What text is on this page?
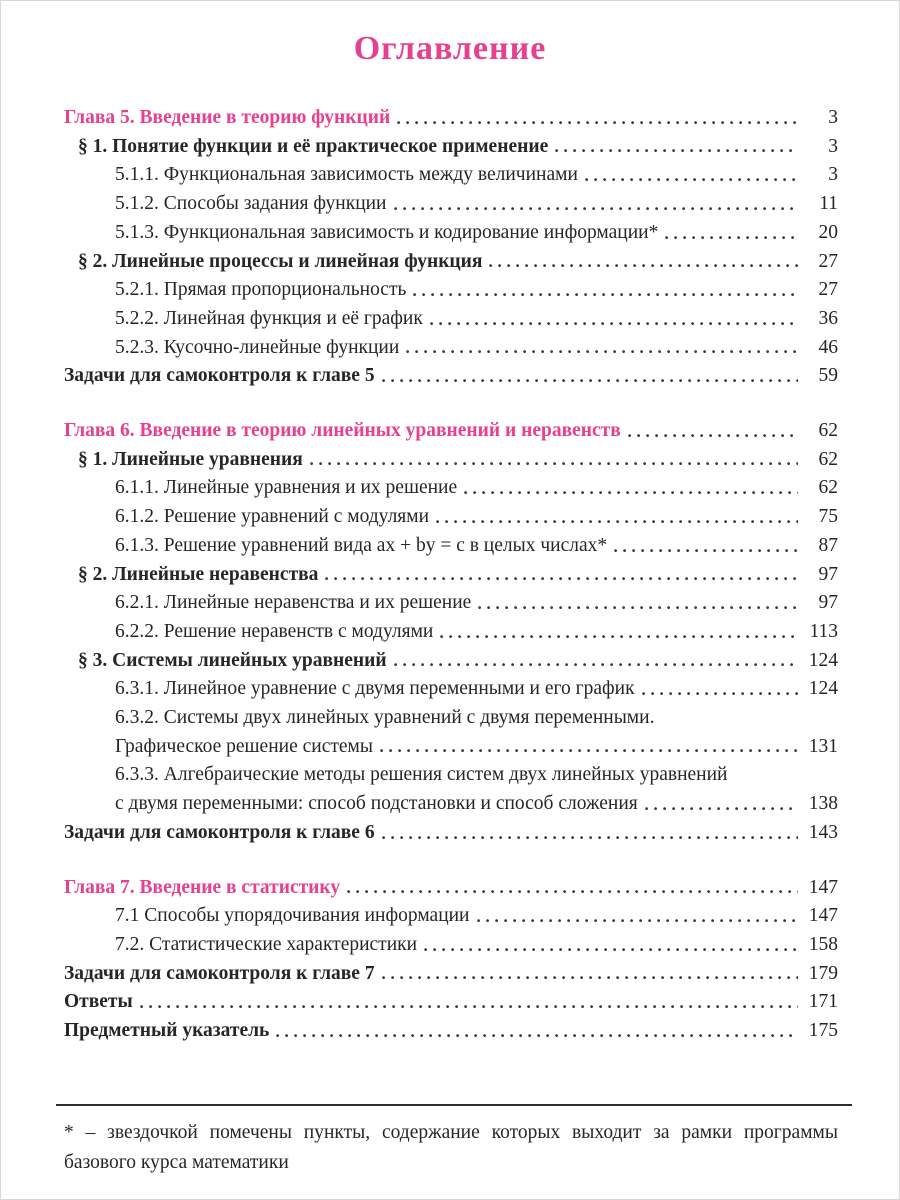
Оглавление
Глава 5. Введение в теорию функций	3
§ 1. Понятие функции и её практическое применение	3
5.1.1. Функциональная зависимость между величинами	3
5.1.2. Способы задания функции	11
5.1.3. Функциональная зависимость и кодирование информации*	20
§ 2. Линейные процессы и линейная функция	27
5.2.1. Прямая пропорциональность	27
5.2.2. Линейная функция и её график	36
5.2.3. Кусочно-линейные функции	46
Задачи для самоконтроля к главе 5	59
Глава 6. Введение в теорию линейных уравнений и неравенств	62
§ 1. Линейные уравнения	62
6.1.1. Линейные уравнения и их решение	62
6.1.2. Решение уравнений с модулями	75
6.1.3. Решение уравнений вида ax + by = c в целых числах*	87
§ 2. Линейные неравенства	97
6.2.1. Линейные неравенства и их решение	97
6.2.2. Решение неравенств с модулями	113
§ 3. Системы линейных уравнений	124
6.3.1. Линейное уравнение с двумя переменными и его график	124
6.3.2. Системы двух линейных уравнений с двумя переменными.
Графическое решение системы	131
6.3.3. Алгебраические методы решения систем двух линейных уравнений
с двумя переменными: способ подстановки и способ сложения	138
Задачи для самоконтроля к главе 6	143
Глава 7. Введение в статистику	147
7.1 Способы упорядочивания информации	147
7.2. Статистические характеристики	158
Задачи для самоконтроля к главе 7	179
Ответы	171
Предметный указатель	175
* – звездочкой помечены пункты, содержание которых выходит за рамки программы
базового курса математики
